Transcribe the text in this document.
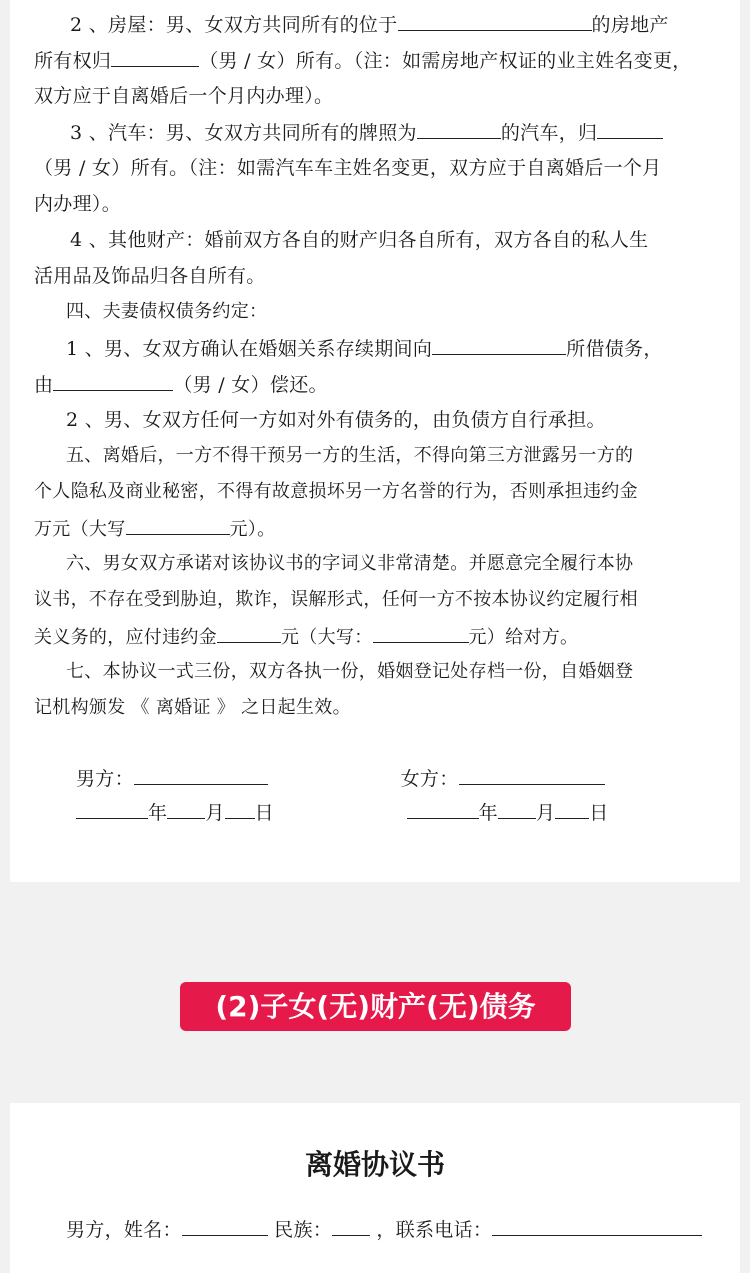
2 、房屋：男、女双方共同所有的位于	的房地产
所有权归	（男 / 女）所有。（注：如需房地产权证的业主姓名变更，
双方应于自离婚后一个月内办理）。
3 、汽车：男、女双方共同所有的牌照为	的汽车，归
（男 / 女）所有。（注：如需汽车车主姓名变更，双方应于自离婚后一个月
内办理）。
4 、其他财产：婚前双方各自的财产归各自所有，双方各自的私人生
活用品及饰品归各自所有。
四、夫妻债权债务约定：
1 、男、女双方确认在婚姻关系存续期间向	所借债务，
由	（男 / 女）偿还。
2 、男、女双方任何一方如对外有债务的，由负债方自行承担。
五、离婚后，一方不得干预另一方的生活，不得向第三方泄露另一方的
个人隐私及商业秘密，不得有故意损坏另一方名誉的行为，否则承担违约金
万元（大写	元）。
六、男女双方承诺对该协议书的字词义非常清楚。并愿意完全履行本协
议书，不存在受到胁迫，欺诈，误解形式，任何一方不按本协议约定履行相
关义务的，应付违约金	元（大写：	元）给对方。
七、本协议一式三份，双方各执一份，婚姻登记处存档一份，自婚姻登
记机构颁发 《 离婚证 》 之日起生效。
男方：	女方：
年 月 日	年 月 日
(2)子女(无)财产(无)债务
离婚协议书
男方，姓名：	民族： ，联系电话：
